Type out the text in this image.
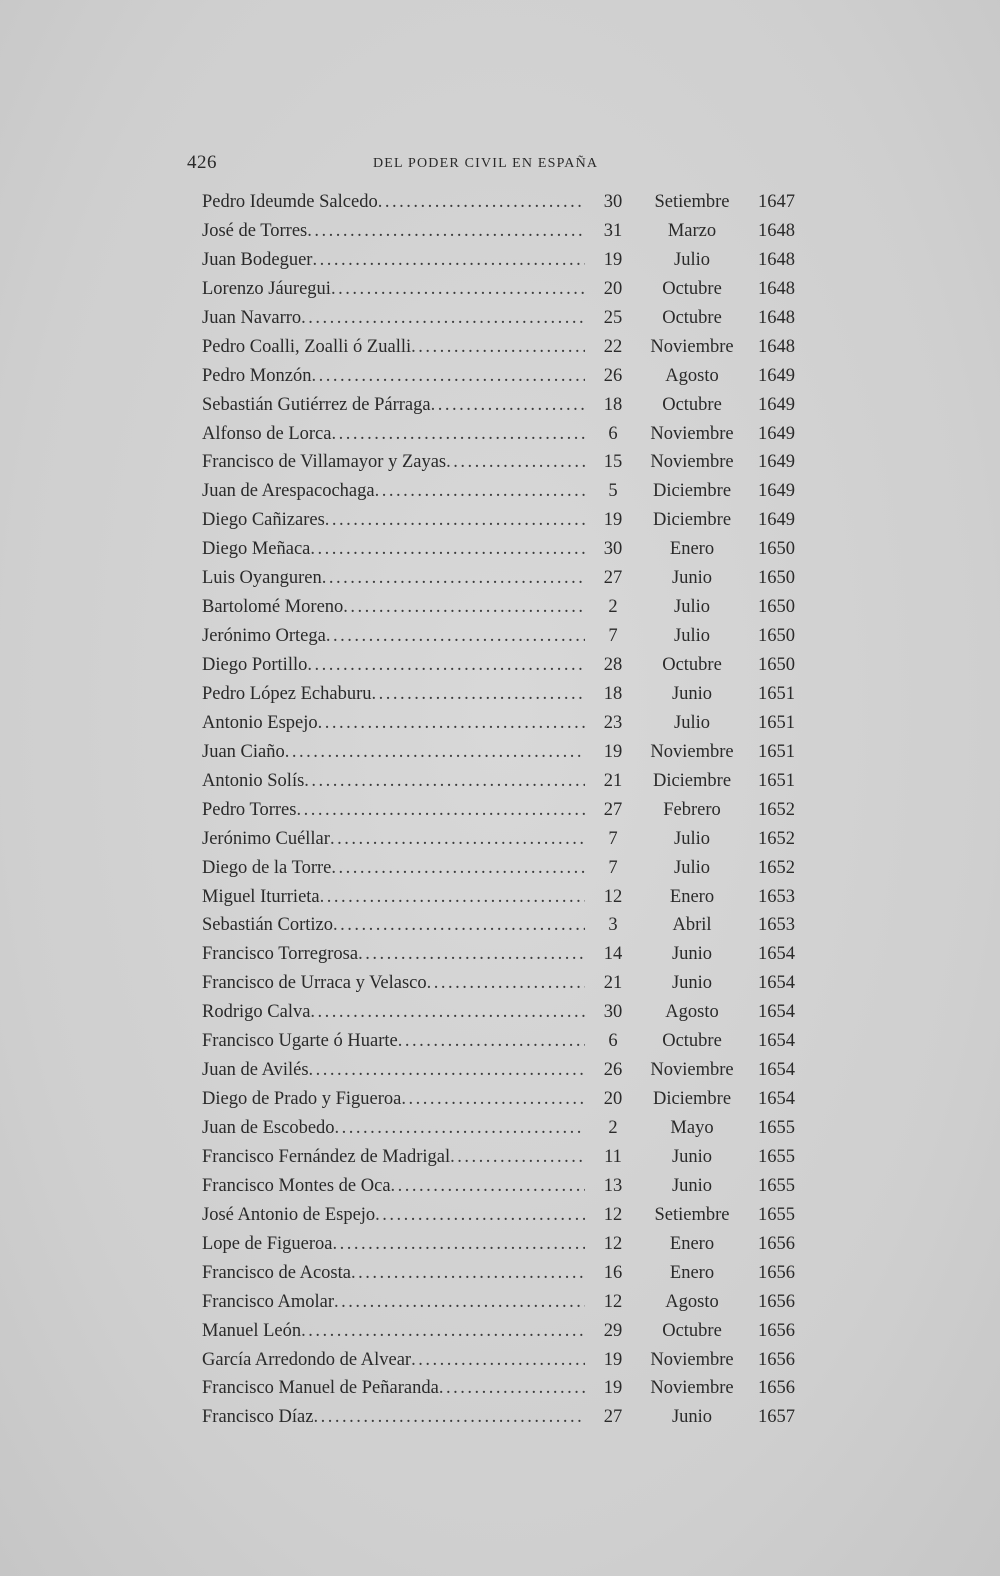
426	DEL PODER CIVIL EN ESPAÑA
Pedro Ideumde Salcedo .....	30	Setiembre	1647
José de Torres .....	31	Marzo	1648
Juan Bodeguer .....	19	Julio	1648
Lorenzo Jáuregui .....	20	Octubre	1648
Juan Navarro .....	25	Octubre	1648
Pedro Coalli, Zoalli ó Zualli .....	22	Noviembre	1648
Pedro Monzón .....	26	Agosto	1649
Sebastián Gutiérrez de Párraga .....	18	Octubre	1649
Alfonso de Lorca .....	6	Noviembre	1649
Francisco de Villamayor y Zayas .....	15	Noviembre	1649
Juan de Arespacochaga .....	5	Diciembre	1649
Diego Cañizares .....	19	Diciembre	1649
Diego Meñaca .....	30	Enero	1650
Luis Oyanguren .....	27	Junio	1650
Bartolomé Moreno .....	2	Julio	1650
Jerónimo Ortega .....	7	Julio	1650
Diego Portillo .....	28	Octubre	1650
Pedro López Echaburu .....	18	Junio	1651
Antonio Espejo .....	23	Julio	1651
Juan Ciaño .....	19	Noviembre	1651
Antonio Solís .....	21	Diciembre	1651
Pedro Torres .....	27	Febrero	1652
Jerónimo Cuéllar .....	7	Julio	1652
Diego de la Torre .....	7	Julio	1652
Miguel Iturrieta .....	12	Enero	1653
Sebastián Cortizo .....	3	Abril	1653
Francisco Torregrosa .....	14	Junio	1654
Francisco de Urraca y Velasco .....	21	Junio	1654
Rodrigo Calva .....	30	Agosto	1654
Francisco Ugarte ó Huarte .....	6	Octubre	1654
Juan de Avilés .....	26	Noviembre	1654
Diego de Prado y Figueroa .....	20	Diciembre	1654
Juan de Escobedo .....	2	Mayo	1655
Francisco Fernández de Madrigal .....	11	Junio	1655
Francisco Montes de Oca .....	13	Junio	1655
José Antonio de Espejo .....	12	Setiembre	1655
Lope de Figueroa .....	12	Enero	1656
Francisco de Acosta .....	16	Enero	1656
Francisco Amolar .....	12	Agosto	1656
Manuel León .....	29	Octubre	1656
García Arredondo de Alvear .....	19	Noviembre	1656
Francisco Manuel de Peñaranda .....	19	Noviembre	1656
Francisco Díaz .....	27	Junio	1657
